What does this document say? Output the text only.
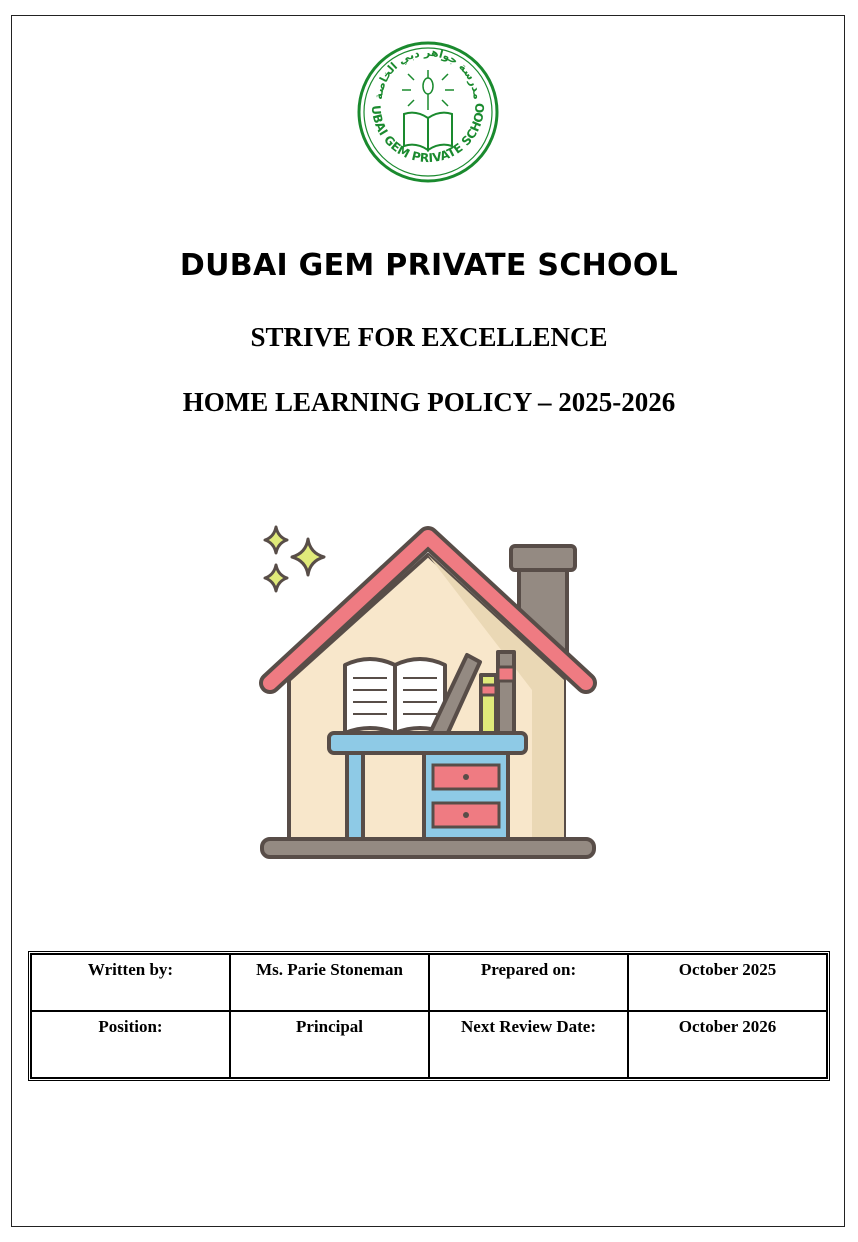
UBAI GEM PRIVATE SCHOO
مدرسة جواهر دبي الخاصة
DUBAI GEM PRIVATE SCHOOL
STRIVE FOR EXCELLENCE
HOME LEARNING POLICY – 2025-2026
Written by:	Ms. Parie Stoneman	Prepared on:	October 2025
Position:	Principal	Next Review Date:	October 2026
